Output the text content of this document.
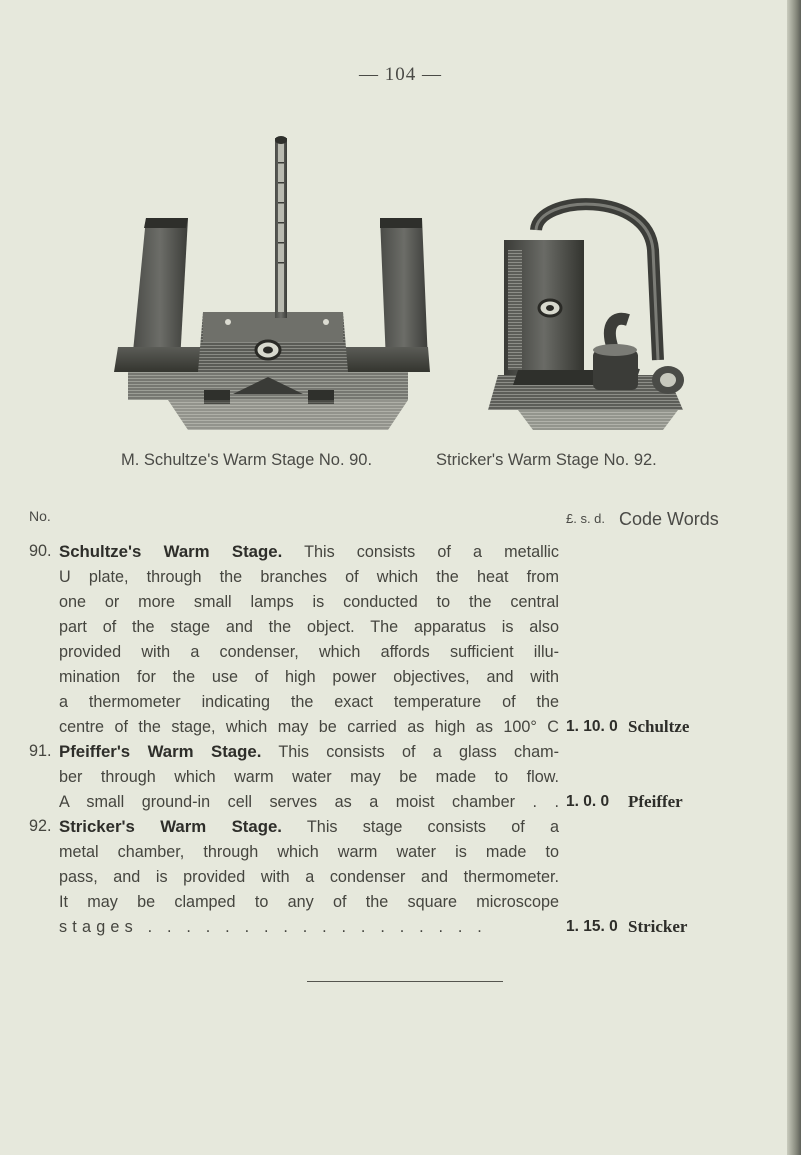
— 104 —
M. Schultze's Warm Stage No. 90.	Stricker's Warm Stage No. 92.
No.	£. s. d. Code Words
90. Schultze's Warm Stage. This consists of a metallic
U plate, through the branches of which the heat from
one or more small lamps is conducted to the central
part of the stage and the object. The apparatus is also
provided with a condenser, which affords sufficient illu-
mination for the use of high power objectives, and with
a thermometer indicating the exact temperature of the
centre of the stage, which may be carried as high as 100° C 1. 10. 0 Schultze
91. Pfeiffer's Warm Stage. This consists of a glass cham-
ber through which warm water may be made to flow.
A small ground-in cell serves as a moist chamber . . 1. 0. 0 Pfeiffer
92. Stricker's Warm Stage. This stage consists of a
metal chamber, through which warm water is made to
pass, and is provided with a condenser and thermometer.
It may be clamped to any of the square microscope
stages . . . . . . . . . . . . . . . . . .	1. 15. 0 Stricker
